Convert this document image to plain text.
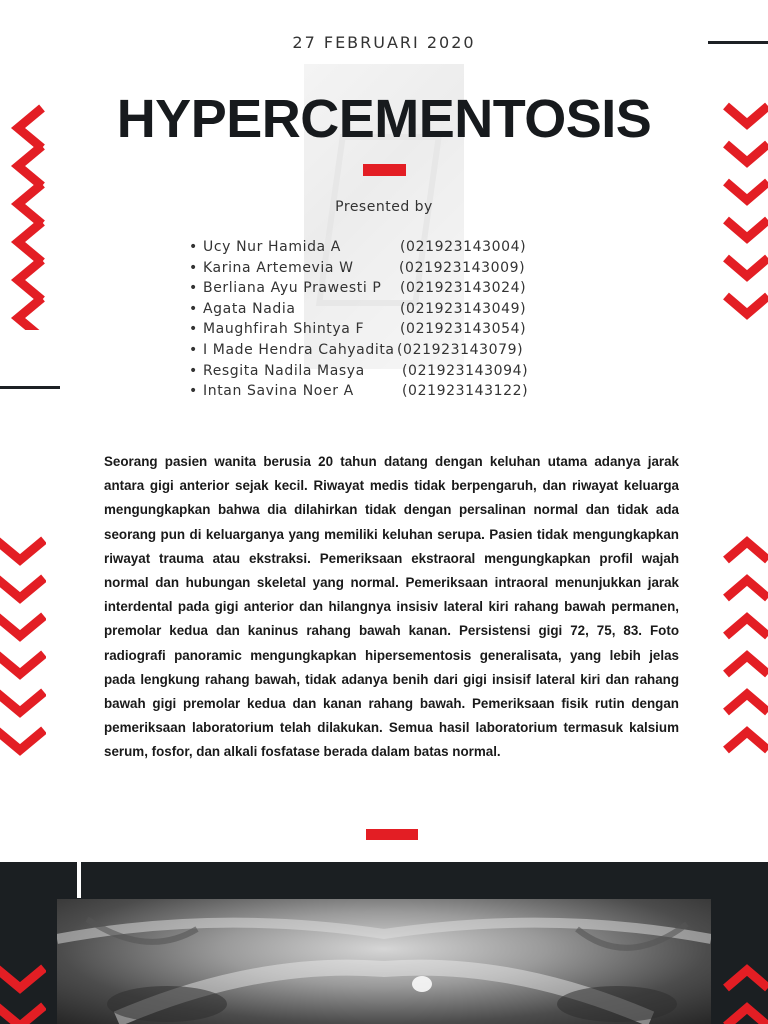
27 FEBRUARI 2020
HYPERCEMENTOSIS
Presented by
• Ucy Nur Hamida A	(021923143004)
• Karina Artemevia W	(021923143009)
• Berliana Ayu Prawesti P (021923143024)
• Agata Nadia	(021923143049)
• Maughfirah Shintya F	(021923143054)
• I Made Hendra Cahyadita (021923143079)
• Resgita Nadila Masya	(021923143094)
• Intan Savina Noer A	(021923143122)

Seorang pasien wanita berusia 20 tahun datang dengan keluhan utama adanya jarak antara gigi anterior sejak kecil. Riwayat medis tidak berpengaruh, dan riwayat keluarga mengungkapkan bahwa dia dilahirkan tidak dengan persalinan normal dan tidak ada seorang pun di keluarganya yang memiliki keluhan serupa. Pasien tidak mengungkapkan riwayat trauma atau ekstraksi. Pemeriksaan ekstraoral mengungkapkan profil wajah normal dan hubungan skeletal yang normal. Pemeriksaan intraoral menunjukkan jarak interdental pada gigi anterior dan hilangnya insisiv lateral kiri rahang bawah permanen, premolar kedua dan kaninus rahang bawah kanan. Persistensi gigi 72, 75, 83. Foto radiografi panoramic mengungkapkan hipersementosis generalisata, yang lebih jelas pada lengkung rahang bawah, tidak adanya benih dari gigi insisif lateral kiri dan rahang bawah gigi premolar kedua dan kanan rahang bawah. Pemeriksaan fisik rutin dengan pemeriksaan laboratorium telah dilakukan. Semua hasil laboratorium termasuk kalsium serum, fosfor, dan alkali fosfatase berada dalam batas normal.
